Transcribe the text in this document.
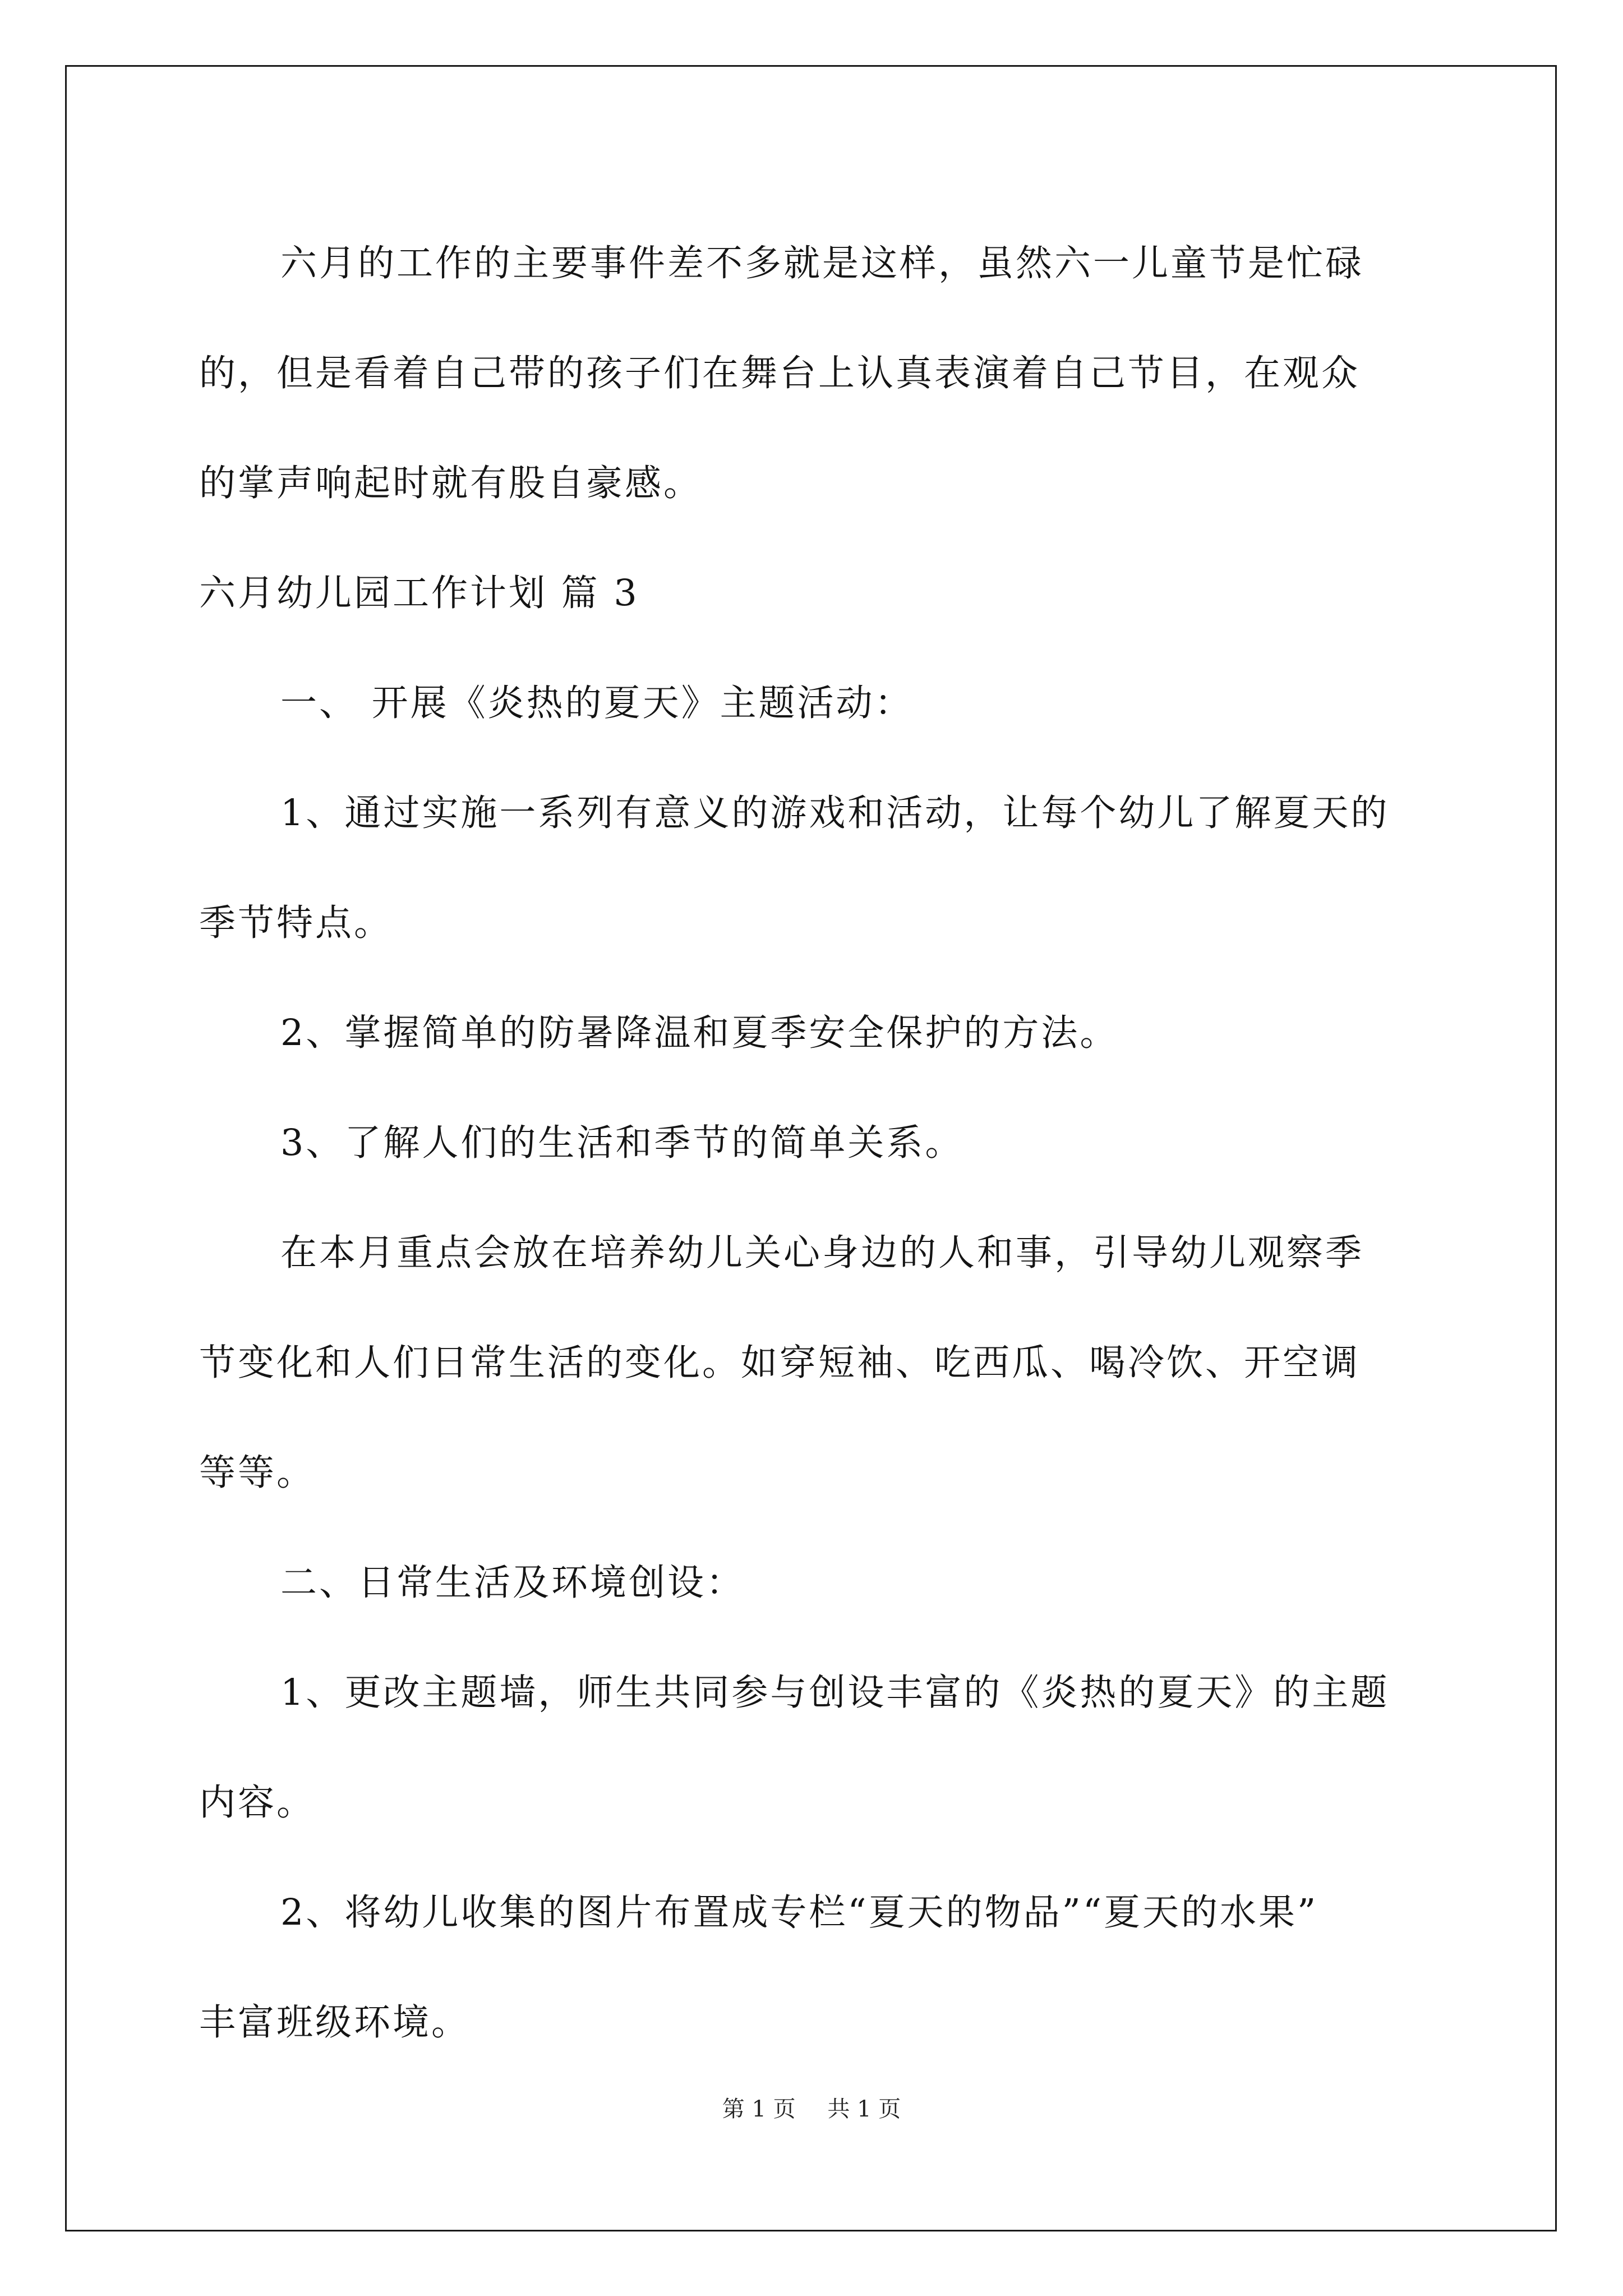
六月的工作的主要事件差不多就是这样，虽然六一儿童节是忙碌

的，但是看着自己带的孩子们在舞台上认真表演着自己节目，在观众

的掌声响起时就有股自豪感。

六月幼儿园工作计划 篇 3

一、 开展《炎热的夏天》主题活动：

1、通过实施一系列有意义的游戏和活动，让每个幼儿了解夏天的

季节特点。

2、掌握简单的防暑降温和夏季安全保护的方法。

3、了解人们的生活和季节的简单关系。

在本月重点会放在培养幼儿关心身边的人和事，引导幼儿观察季

节变化和人们日常生活的变化。如穿短袖、吃西瓜、喝冷饮、开空调

等等。

二、日常生活及环境创设：

1、更改主题墙，师生共同参与创设丰富的《炎热的夏天》的主题

内容。

2、将幼儿收集的图片布置成专栏“夏天的物品”“夏天的水果”

丰富班级环境。

第 1 页 共 1 页
